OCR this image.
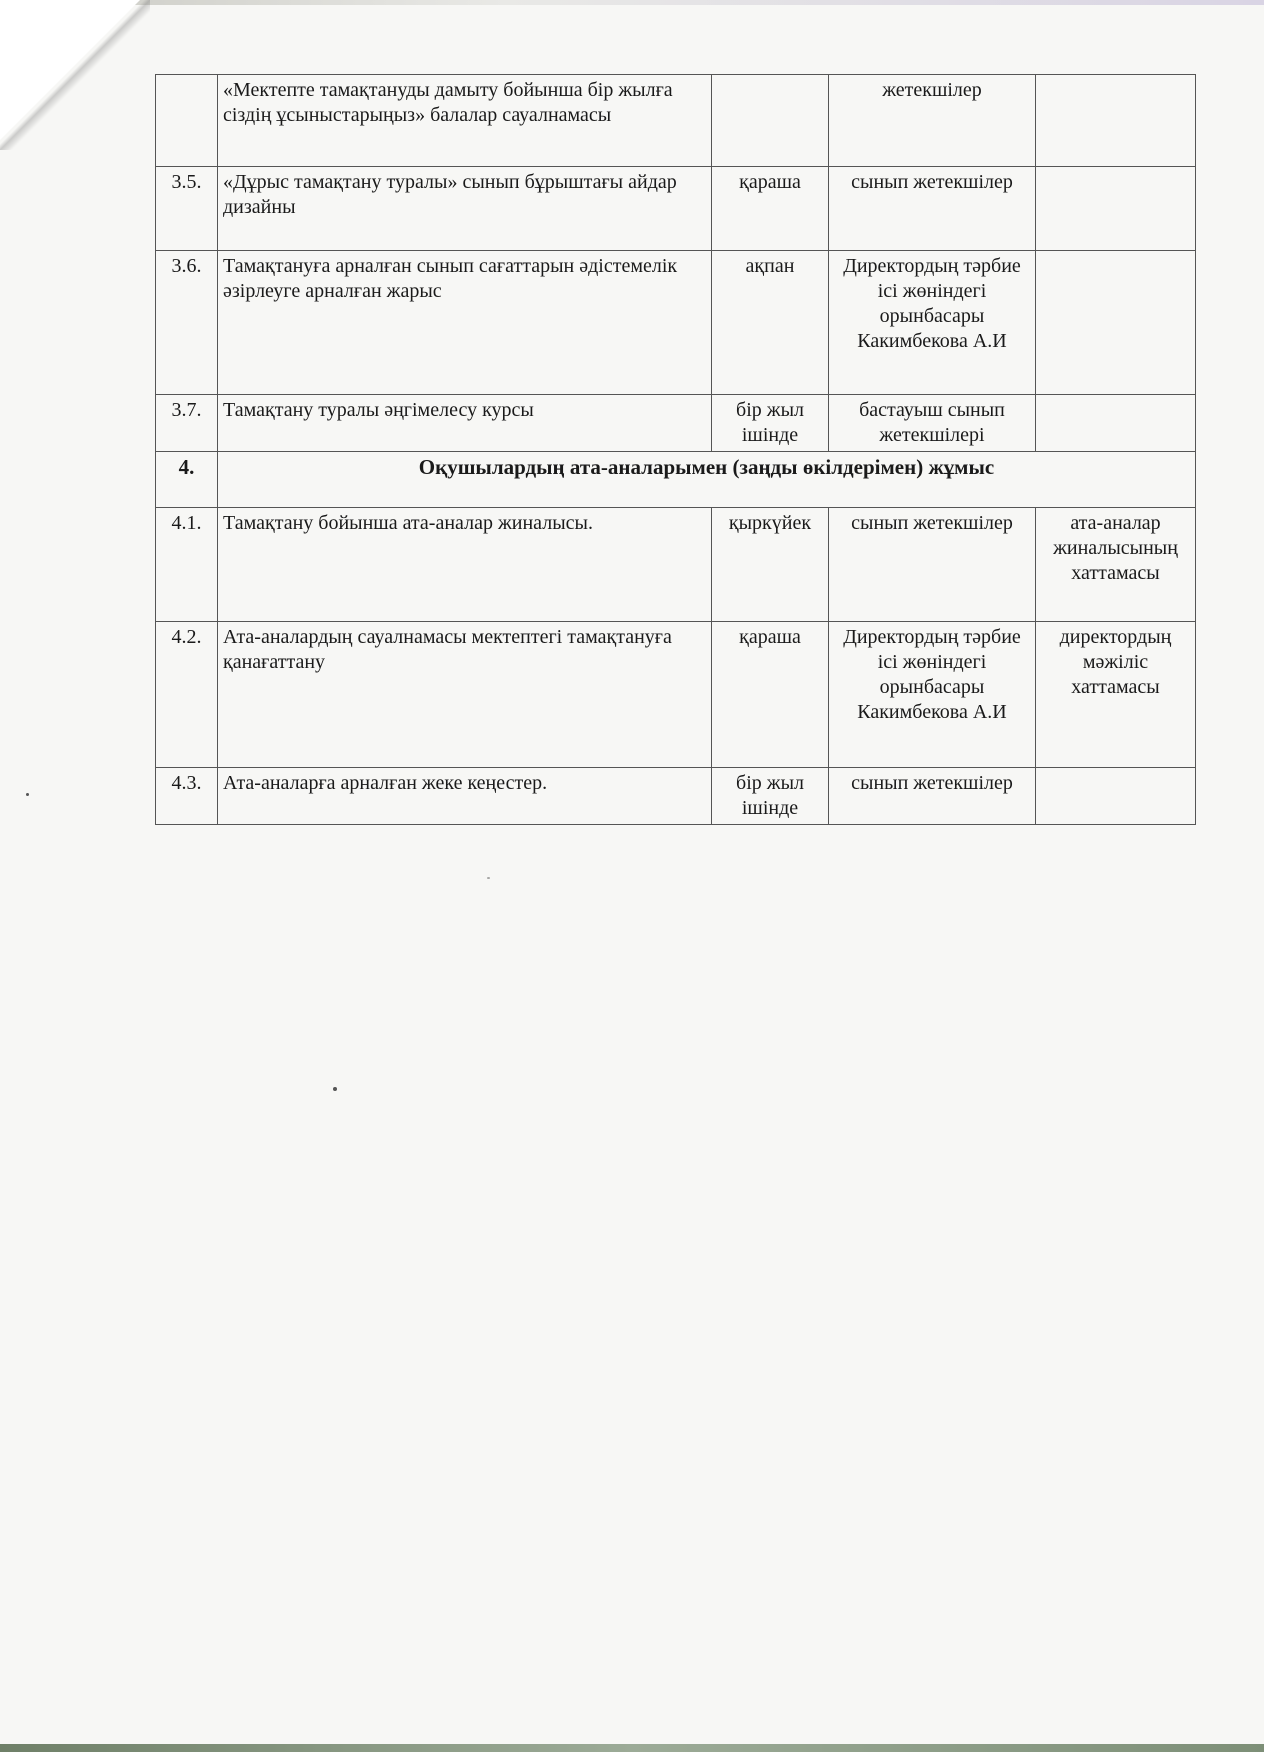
	«Мектепте тамақтануды дамыту бойынша бір жылға сіздің ұсыныстарыңыз» балалар сауалнамасы		жетекшілер	
3.5.	«Дұрыс тамақтану туралы» сынып бұрыштағы айдар дизайны	қараша	сынып жетекшілер	
3.6.	Тамақтануға арналған сынып сағаттарын әдістемелік әзірлеуге арналған жарыс	ақпан	Директордың тәрбие ісі жөніндегі орынбасары Какимбекова А.И	
3.7.	Тамақтану туралы әңгімелесу курсы	бір жыл ішінде	бастауыш сынып жетекшілері	
4.	Оқушылардың ата-аналарымен (заңды өкілдерімен) жұмыс			
4.1.	Тамақтану бойынша ата-аналар жиналысы.	қыркүйек	сынып жетекшілер	ата-аналар жиналысының хаттамасы
4.2.	Ата-аналардың сауалнамасы мектептегі тамақтануға қанағаттану	қараша	Директордың тәрбие ісі жөніндегі орынбасары Какимбекова А.И	директордың мәжіліс хаттамасы
4.3.	Ата-аналарға арналған жеке кеңестер.	бір жыл ішінде	сынып жетекшілер	
